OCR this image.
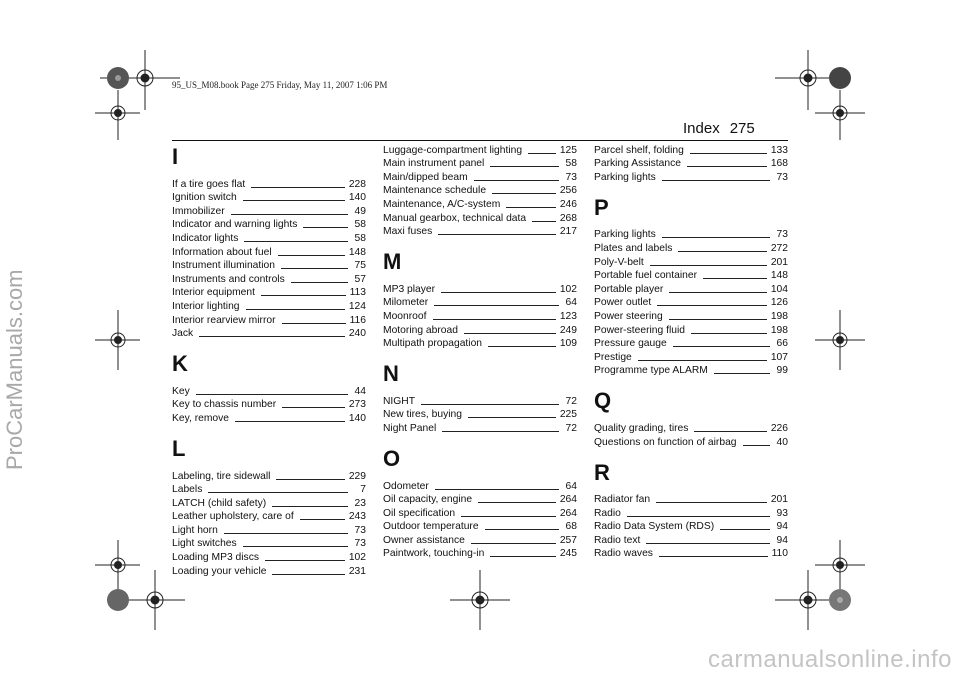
95_US_M08.book Page 275 Friday, May 11, 2007 1:06 PM
Index 275
I
If a tire goes flat	228
Ignition switch	140
Immobilizer	49
Indicator and warning lights	58
Indicator lights	58
Information about fuel	148
Instrument illumination	75
Instruments and controls	57
Interior equipment	113
Interior lighting	124
Interior rearview mirror	116
Jack	240
K
Key	44
Key to chassis number	273
Key, remove	140
L
Labeling, tire sidewall	229
Labels	7
LATCH (child safety)	23
Leather upholstery, care of	243
Light horn	73
Light switches	73
Loading MP3 discs	102
Loading your vehicle	231
Luggage-compartment lighting	125
Main instrument panel	58
Main/dipped beam	73
Maintenance schedule	256
Maintenance, A/C-system	246
Manual gearbox, technical data	268
Maxi fuses	217
M
MP3 player	102
Milometer	64
Moonroof	123
Motoring abroad	249
Multipath propagation	109
N
NIGHT	72
New tires, buying	225
Night Panel	72
O
Odometer	64
Oil capacity, engine	264
Oil specification	264
Outdoor temperature	68
Owner assistance	257
Paintwork, touching-in	245
Parcel shelf, folding	133
Parking Assistance	168
Parking lights	73
P
Parking lights	73
Plates and labels	272
Poly-V-belt	201
Portable fuel container	148
Portable player	104
Power outlet	126
Power steering	198
Power-steering fluid	198
Pressure gauge	66
Prestige	107
Programme type ALARM	99
Q
Quality grading, tires	226
Questions on function of airbag	40
R
Radiator fan	201
Radio	93
Radio Data System (RDS)	94
Radio text	94
Radio waves	110
ProCarManuals.com
carmanualsonline.info
